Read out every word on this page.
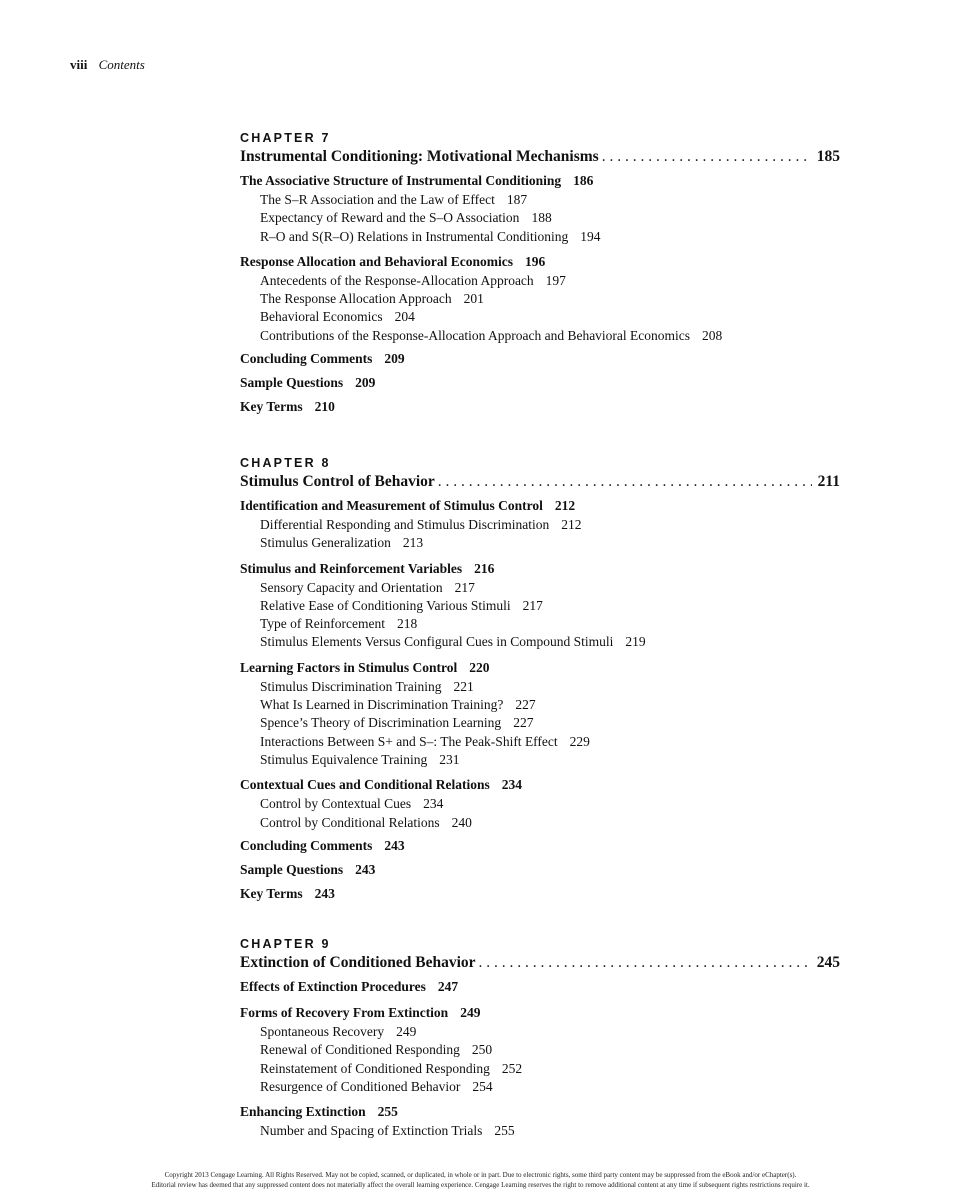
viii Contents
CHAPTER 7
Instrumental Conditioning: Motivational Mechanisms . . .	185
The Associative Structure of Instrumental Conditioning 186
The S–R Association and the Law of Effect 187
Expectancy of Reward and the S–O Association 188
R–O and S(R–O) Relations in Instrumental Conditioning 194
Response Allocation and Behavioral Economics 196
Antecedents of the Response-Allocation Approach 197
The Response Allocation Approach 201
Behavioral Economics 204
Contributions of the Response-Allocation Approach and Behavioral Economics 208
Concluding Comments 209
Sample Questions 209
Key Terms 210
CHAPTER 8
Stimulus Control of Behavior . . .	211
Identification and Measurement of Stimulus Control 212
Differential Responding and Stimulus Discrimination 212
Stimulus Generalization 213
Stimulus and Reinforcement Variables 216
Sensory Capacity and Orientation 217
Relative Ease of Conditioning Various Stimuli 217
Type of Reinforcement 218
Stimulus Elements Versus Configural Cues in Compound Stimuli 219
Learning Factors in Stimulus Control 220
Stimulus Discrimination Training 221
What Is Learned in Discrimination Training? 227
Spence’s Theory of Discrimination Learning 227
Interactions Between S+ and S–: The Peak-Shift Effect 229
Stimulus Equivalence Training 231
Contextual Cues and Conditional Relations 234
Control by Contextual Cues 234
Control by Conditional Relations 240
Concluding Comments 243
Sample Questions 243
Key Terms 243
CHAPTER 9
Extinction of Conditioned Behavior . . .	245
Effects of Extinction Procedures 247
Forms of Recovery From Extinction 249
Spontaneous Recovery 249
Renewal of Conditioned Responding 250
Reinstatement of Conditioned Responding 252
Resurgence of Conditioned Behavior 254
Enhancing Extinction 255
Number and Spacing of Extinction Trials 255
Copyright 2013 Cengage Learning. All Rights Reserved. May not be copied, scanned, or duplicated, in whole or in part. Due to electronic rights, some third party content may be suppressed from the eBook and/or eChapter(s).
Editorial review has deemed that any suppressed content does not materially affect the overall learning experience. Cengage Learning reserves the right to remove additional content at any time if subsequent rights restrictions require it.
